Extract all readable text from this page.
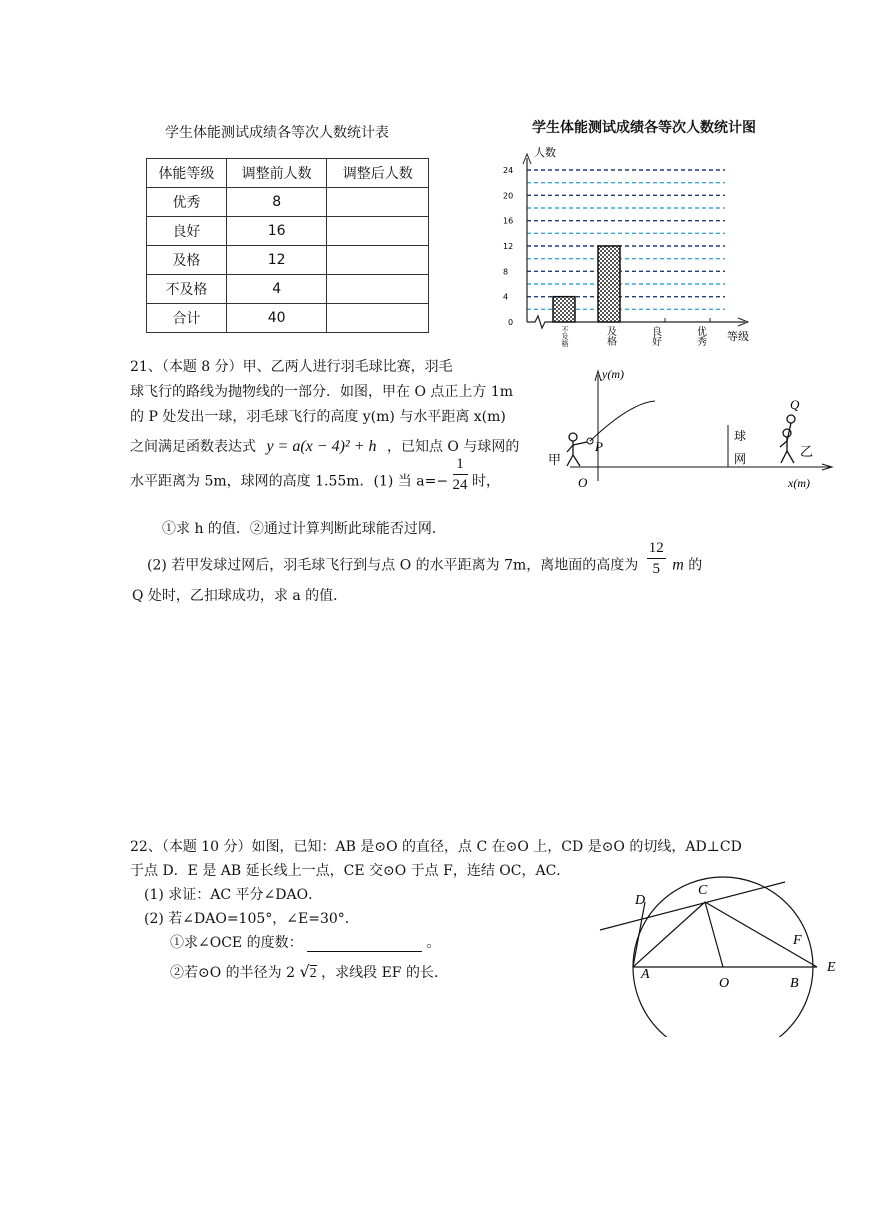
学生体能测试成绩各等次人数统计表
体能等级	调整前人数	调整后人数
优秀	8	
良好	16	
及格	12	
不及格	4	
合计	40	
学生体能测试成绩各等次人数统计图
0
4
8
12
16
20
24
不及格	及格	良好	优秀
人数
等级
21、（本题 8 分）甲、乙两人进行羽毛球比赛，羽毛
球飞行的路线为抛物线的一部分．如图，甲在 O 点正上方 1m
的 P 处发出一球，羽毛球飞行的高度 y(m) 与水平距离 x(m)
之间满足函数表达式 y = a(x − 4)² + h ，已知点 O 与球网的
水平距离为 5m，球网的高度 1.55m．(1) 当 $a=- \frac{1}{24}$ 时，
①求 h 的值．②通过计算判断此球能否过网．
(2) 若甲发球过网后，羽毛球飞行到与点 O 的水平距离为 7m，离地面的高度为 $\frac{12}{5}$ m 的
Q 处时，乙扣球成功，求 a 的值．
y(m)
x(m)
O
P
甲
球
网
Q
乙
22、（本题 10 分）如图，已知：AB 是⊙O 的直径，点 C 在⊙O 上，CD 是⊙O 的切线，AD⊥CD
于点 D．E 是 AB 延长线上一点，CE 交⊙O 于点 F，连结 OC，AC．
(1) 求证：AC 平分∠DAO．
(2) 若∠DAO=105°，∠E=30°．
①求∠OCE 的度数：	。
②若⊙O 的半径为 2 √2 ，求线段 EF 的长．
D
C
F
E
A
O	B
